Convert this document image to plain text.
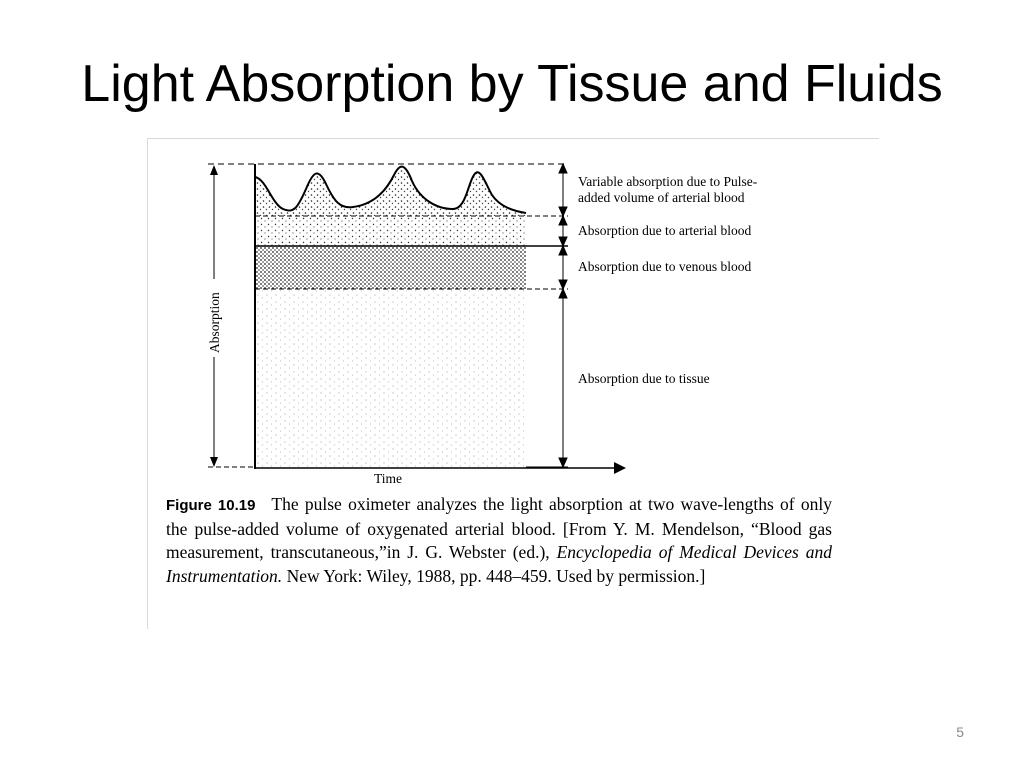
Light Absorption by Tissue and Fluids
Absorption
Variable absorption due to Pulse-
added volume of arterial blood
Absorption due to arterial blood
Absorption due to venous blood
Absorption due to tissue
Time
Figure 10.19 The pulse oximeter analyzes the light absorption at two wave-lengths of only the pulse-added volume of oxygenated arterial blood. [From Y. M. Mendelson, “Blood gas measurement, transcutaneous,”in J. G. Webster (ed.), Encyclopedia of Medical Devices and Instrumentation. New York: Wiley, 1988, pp. 448–459. Used by permission.]
5
